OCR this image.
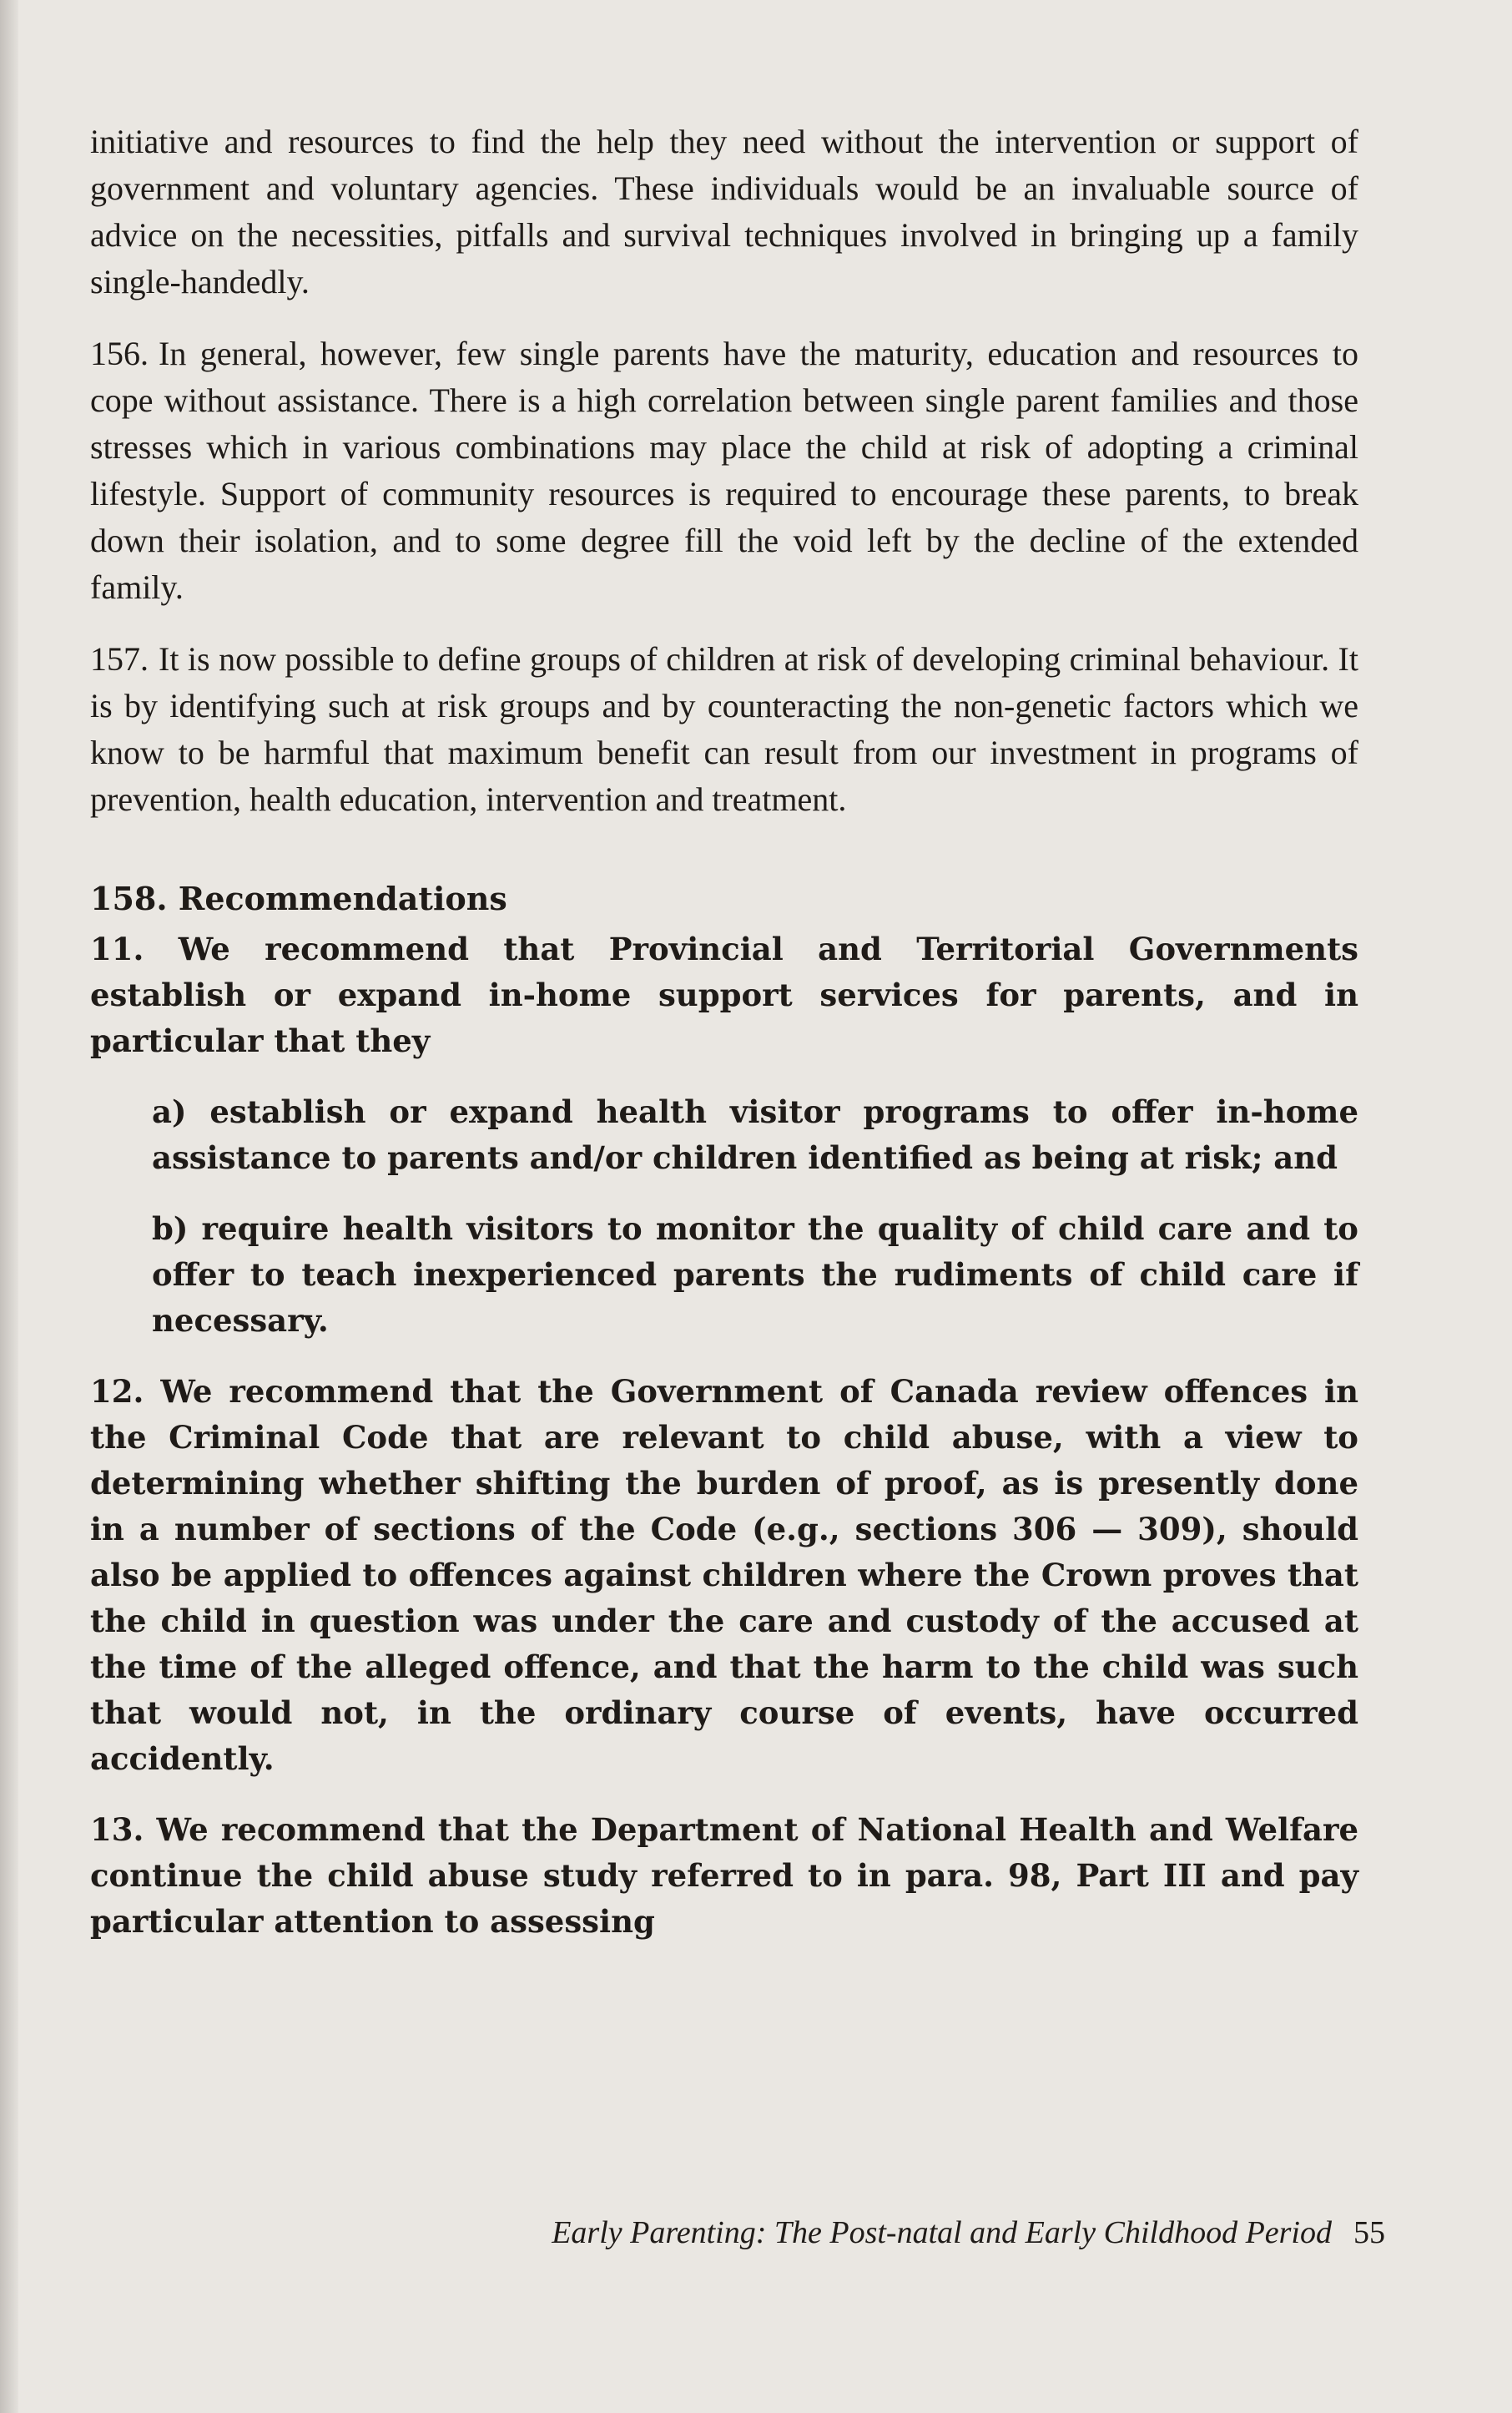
initiative and resources to find the help they need without the intervention or support of government and voluntary agencies. These individuals would be an invaluable source of advice on the necessities, pitfalls and survival techniques involved in bringing up a family single-handedly.

156. In general, however, few single parents have the maturity, education and resources to cope without assistance. There is a high correlation between single parent families and those stresses which in various combinations may place the child at risk of adopting a criminal lifestyle. Support of community resources is required to encourage these parents, to break down their isolation, and to some degree fill the void left by the decline of the extended family.

157. It is now possible to define groups of children at risk of developing criminal behaviour. It is by identifying such at risk groups and by counteracting the non-genetic factors which we know to be harmful that maximum benefit can result from our investment in programs of prevention, health education, intervention and treatment.

158. Recommendations

11. We recommend that Provincial and Territorial Governments establish or expand in-home support services for parents, and in particular that they

a) establish or expand health visitor programs to offer in-home assistance to parents and/or children identified as being at risk; and

b) require health visitors to monitor the quality of child care and to offer to teach inexperienced parents the rudiments of child care if necessary.

12. We recommend that the Government of Canada review offences in the Criminal Code that are relevant to child abuse, with a view to determining whether shifting the burden of proof, as is presently done in a number of sections of the Code (e.g., sections 306 — 309), should also be applied to offences against children where the Crown proves that the child in question was under the care and custody of the accused at the time of the alleged offence, and that the harm to the child was such that would not, in the ordinary course of events, have occurred accidently.

13. We recommend that the Department of National Health and Welfare continue the child abuse study referred to in para. 98, Part III and pay particular attention to assessing

Early Parenting: The Post-natal and Early Childhood Period 55
